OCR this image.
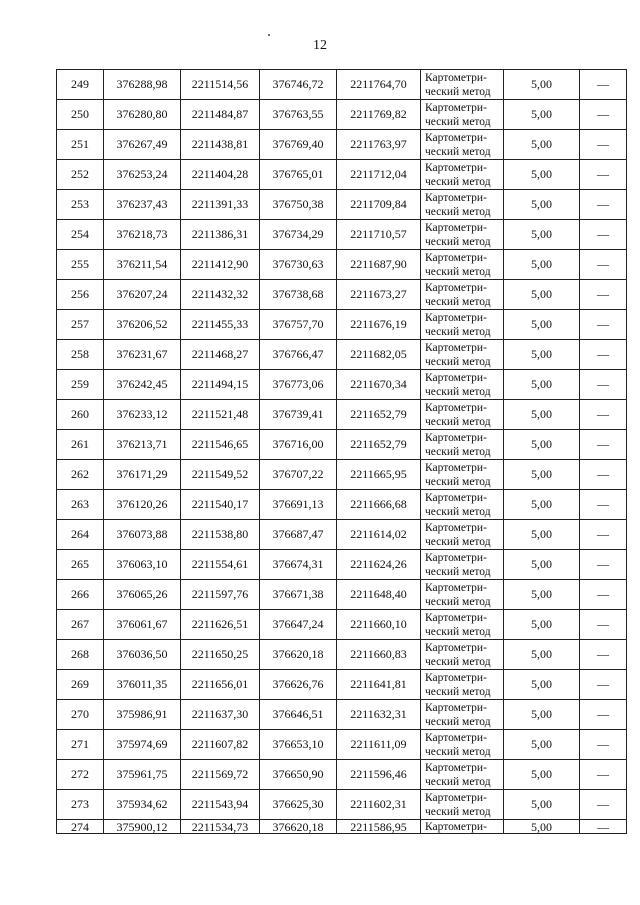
12
249	376288,98	2211514,56	376746,72	2211764,70	Картометри-
ческий метод	5,00	—
250	376280,80	2211484,87	376763,55	2211769,82	Картометри-
ческий метод	5,00	—
251	376267,49	2211438,81	376769,40	2211763,97	Картометри-
ческий метод	5,00	—
252	376253,24	2211404,28	376765,01	2211712,04	Картометри-
ческий метод	5,00	—
253	376237,43	2211391,33	376750,38	2211709,84	Картометри-
ческий метод	5,00	—
254	376218,73	2211386,31	376734,29	2211710,57	Картометри-
ческий метод	5,00	—
255	376211,54	2211412,90	376730,63	2211687,90	Картометри-
ческий метод	5,00	—
256	376207,24	2211432,32	376738,68	2211673,27	Картометри-
ческий метод	5,00	—
257	376206,52	2211455,33	376757,70	2211676,19	Картометри-
ческий метод	5,00	—
258	376231,67	2211468,27	376766,47	2211682,05	Картометри-
ческий метод	5,00	—
259	376242,45	2211494,15	376773,06	2211670,34	Картометри-
ческий метод	5,00	—
260	376233,12	2211521,48	376739,41	2211652,79	Картометри-
ческий метод	5,00	—
261	376213,71	2211546,65	376716,00	2211652,79	Картометри-
ческий метод	5,00	—
262	376171,29	2211549,52	376707,22	2211665,95	Картометри-
ческий метод	5,00	—
263	376120,26	2211540,17	376691,13	2211666,68	Картометри-
ческий метод	5,00	—
264	376073,88	2211538,80	376687,47	2211614,02	Картометри-
ческий метод	5,00	—
265	376063,10	2211554,61	376674,31	2211624,26	Картометри-
ческий метод	5,00	—
266	376065,26	2211597,76	376671,38	2211648,40	Картометри-
ческий метод	5,00	—
267	376061,67	2211626,51	376647,24	2211660,10	Картометри-
ческий метод	5,00	—
268	376036,50	2211650,25	376620,18	2211660,83	Картометри-
ческий метод	5,00	—
269	376011,35	2211656,01	376626,76	2211641,81	Картометри-
ческий метод	5,00	—
270	375986,91	2211637,30	376646,51	2211632,31	Картометри-
ческий метод	5,00	—
271	375974,69	2211607,82	376653,10	2211611,09	Картометри-
ческий метод	5,00	—
272	375961,75	2211569,72	376650,90	2211596,46	Картометри-
ческий метод	5,00	—
273	375934,62	2211543,94	376625,30	2211602,31	Картометри-
ческий метод	5,00	—
274	375900,12	2211534,73	376620,18	2211586,95	Картометри-	5,00	—
